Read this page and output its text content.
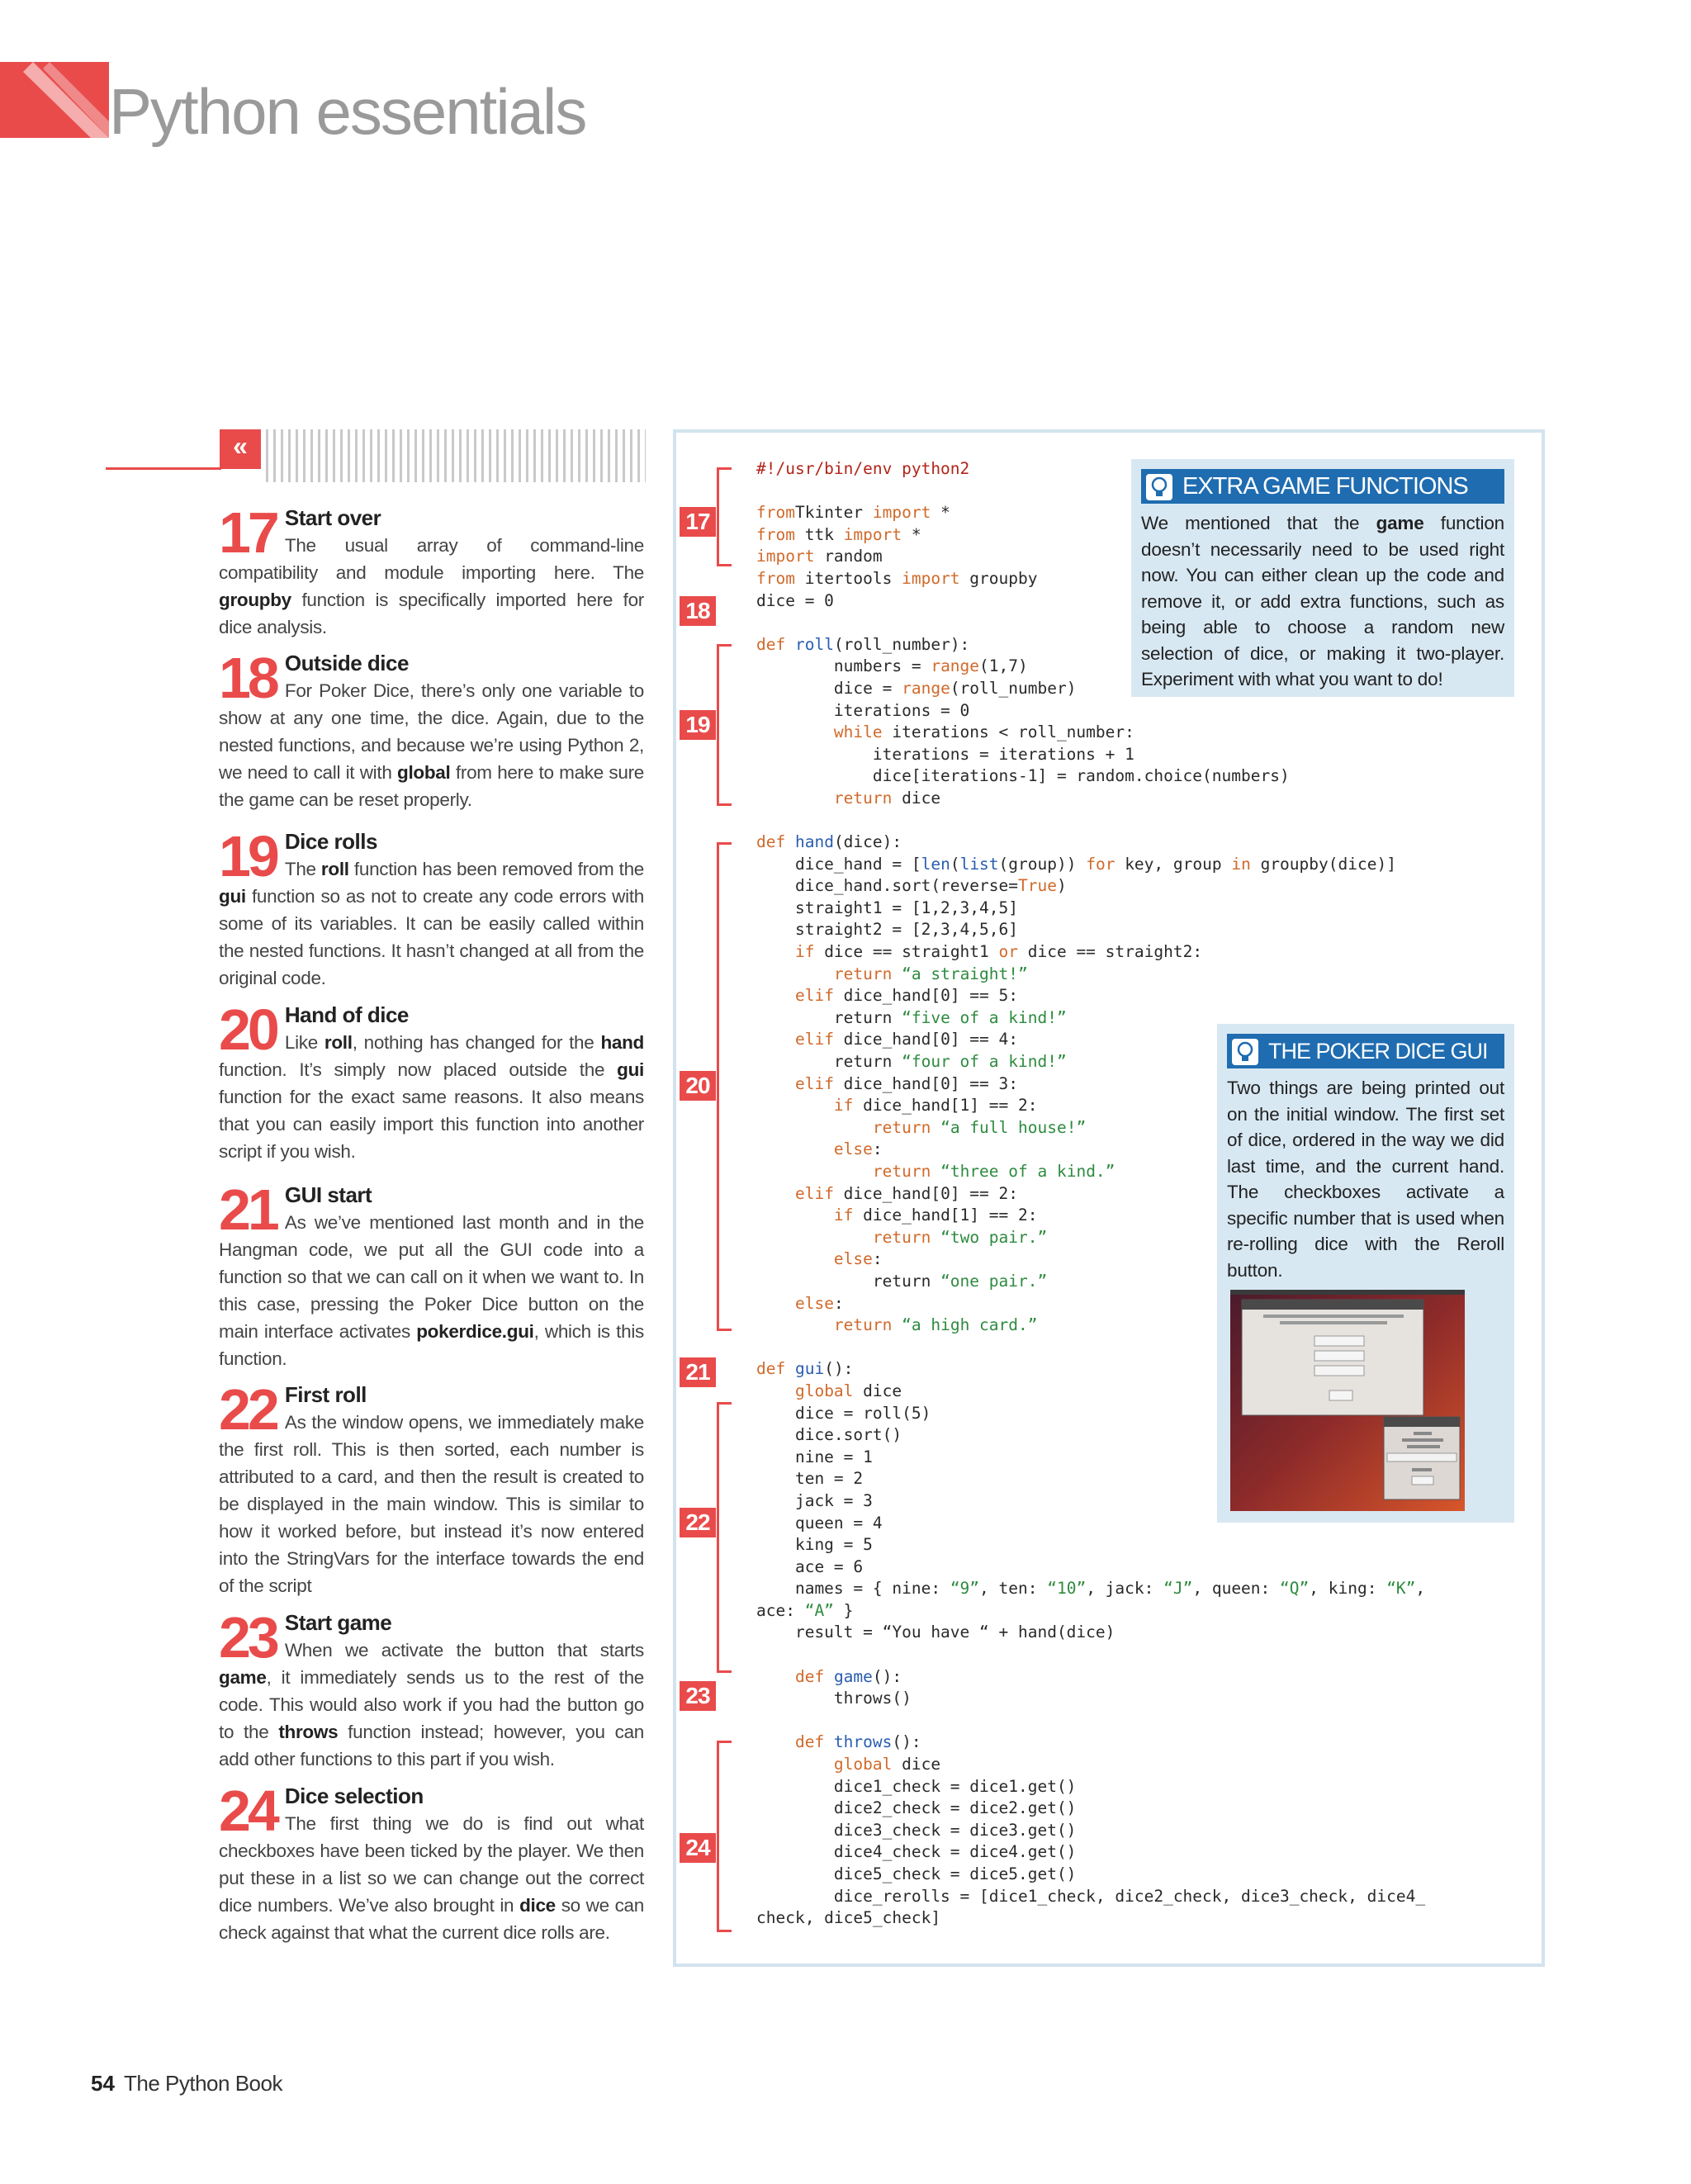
Python essentials
«
17 Start over
The usual array of command-line compatibility and module importing here. The groupby function is specifically imported here for dice analysis.
18 Outside dice
For Poker Dice, there’s only one variable to show at any one time, the dice. Again, due to the nested functions, and because we’re using Python 2, we need to call it with global from here to make sure the game can be reset properly.
19 Dice rolls
The roll function has been removed from the gui function so as not to create any code errors with some of its variables. It can be easily called within the nested functions. It hasn’t changed at all from the original code.
20 Hand of dice
Like roll, nothing has changed for the hand function. It’s simply now placed outside the gui function for the exact same reasons. It also means that you can easily import this function into another script if you wish.
21 GUI start
As we’ve mentioned last month and in the Hangman code, we put all the GUI code into a function so that we can call on it when we want to. In this case, pressing the Poker Dice button on the main interface activates pokerdice.gui, which is this function.
22 First roll
As the window opens, we immediately make the first roll. This is then sorted, each number is attributed to a card, and then the result is created to be displayed in the main window. This is similar to how it worked before, but instead it’s now entered into the StringVars for the interface towards the end of the script
23 Start game
When we activate the button that starts game, it immediately sends us to the rest of the code. This would also work if you had the button go to the throws function instead; however, you can add other functions to this part if you wish.
24 Dice selection
The first thing we do is find out what checkboxes have been ticked by the player. We then put these in a list so we can change out the correct dice numbers. We’ve also brought in dice so we can check against that what the current dice rolls are.
17
18
19
20
21
22
23
24
#!/usr/bin/env python2

fromTkinter import *
from ttk import *
import random
from itertools import groupby
dice = 0

def roll(roll_number):
numbers = range(1,7)
dice = range(roll_number)
iterations = 0
while iterations < roll_number:
iterations = iterations + 1
dice[iterations-1] = random.choice(numbers)
return dice

def hand(dice):
dice_hand = [len(list(group)) for key, group in groupby(dice)]
dice_hand.sort(reverse=True)
straight1 = [1,2,3,4,5]
straight2 = [2,3,4,5,6]
if dice == straight1 or dice == straight2:
return “a straight!”
elif dice_hand[0] == 5:
return “five of a kind!”
elif dice_hand[0] == 4:
return “four of a kind!”
elif dice_hand[0] == 3:
if dice_hand[1] == 2:
return “a full house!”
else:
return “three of a kind.”
elif dice_hand[0] == 2:
if dice_hand[1] == 2:
return “two pair.”
else:
return “one pair.”
else:
return “a high card.”

def gui():
global dice
dice = roll(5)
dice.sort()
nine = 1
ten = 2
jack = 3
queen = 4
king = 5
ace = 6
names = { nine: “9”, ten: “10”, jack: “J”, queen: “Q”, king: “K”,
ace: “A” }
result = “You have “ + hand(dice)

def game():
throws()

def throws():
global dice
dice1_check = dice1.get()
dice2_check = dice2.get()
dice3_check = dice3.get()
dice4_check = dice4.get()
dice5_check = dice5.get()
dice_rerolls = [dice1_check, dice2_check, dice3_check, dice4_
check, dice5_check]
EXTRA GAME FUNCTIONS
We mentioned that the game function doesn’t necessarily need to be used right now. You can either clean up the code and remove it, or add extra functions, such as being able to choose a random new selection of dice, or making it two-player. Experiment with what you want to do!
THE POKER DICE GUI
Two things are being printed out on the initial window. The first set of dice, ordered in the way we did last time, and the current hand. The checkboxes activate a specific number that is used when re-rolling dice with the Reroll button.
54 The Python Book
